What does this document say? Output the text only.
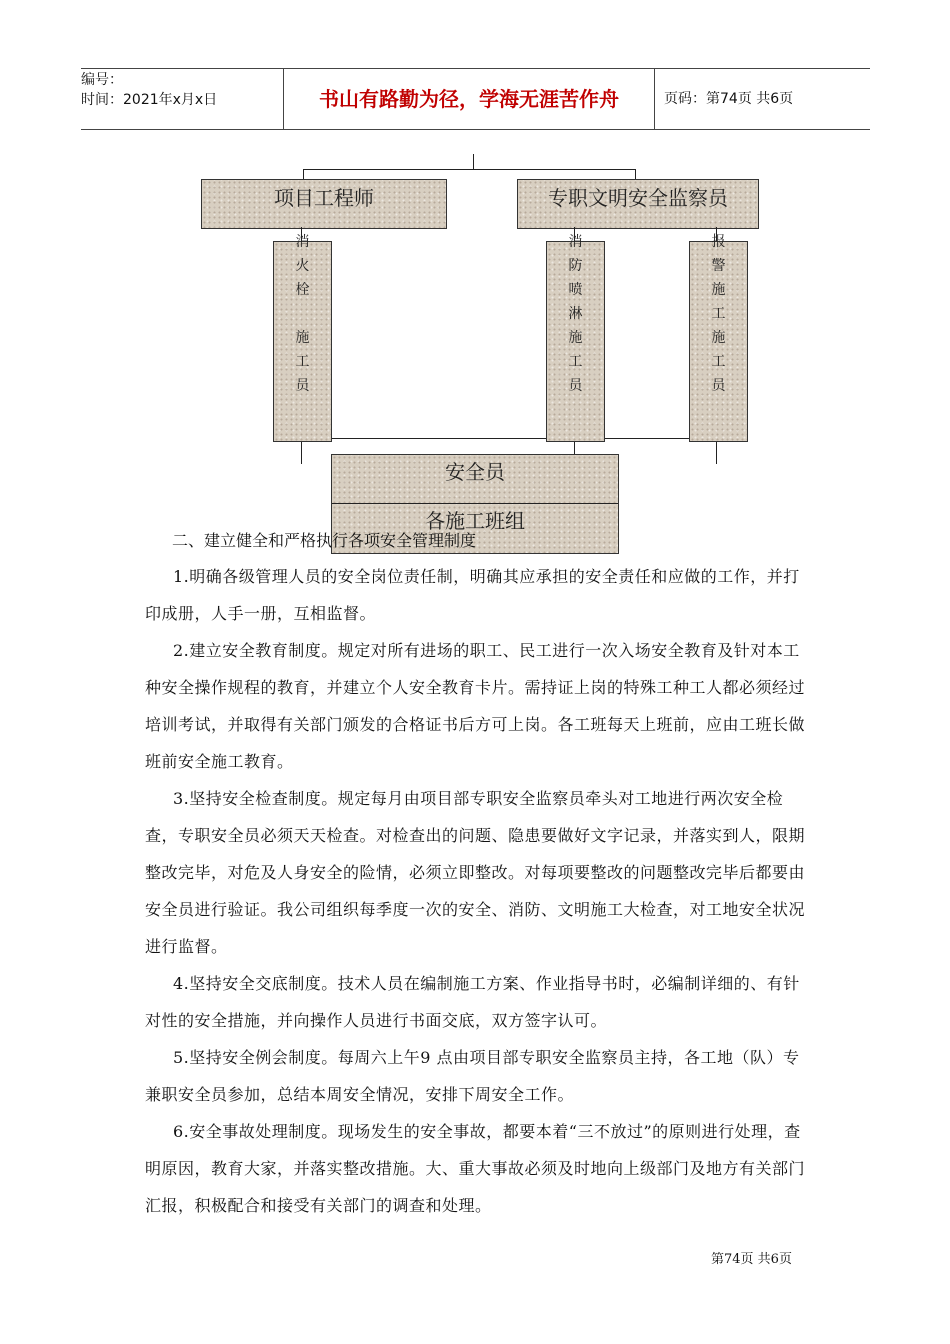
编号：
时间：2021年x月x日	书山有路勤为径，学海无涯苦作舟	页码：第74页 共6页
项目工程师	专职文明安全监察员
消
火
栓

施
工
员
消
防
喷
淋
施
工
员
报
警
施
工
施
工
员
安全员
各施工班组
二、建立健全和严格执行各项安全管理制度
1.明确各级管理人员的安全岗位责任制，明确其应承担的安全责任和应做的工作，并打印成册，人手一册，互相监督。
2.建立安全教育制度。规定对所有进场的职工、民工进行一次入场安全教育及针对本工种安全操作规程的教育，并建立个人安全教育卡片。需持证上岗的特殊工种工人都必须经过培训考试，并取得有关部门颁发的合格证书后方可上岗。各工班每天上班前，应由工班长做班前安全施工教育。
3.坚持安全检查制度。规定每月由项目部专职安全监察员牵头对工地进行两次安全检查，专职安全员必须天天检查。对检查出的问题、隐患要做好文字记录，并落实到人，限期整改完毕，对危及人身安全的险情，必须立即整改。对每项要整改的问题整改完毕后都要由安全员进行验证。我公司组织每季度一次的安全、消防、文明施工大检查，对工地安全状况进行监督。
4.坚持安全交底制度。技术人员在编制施工方案、作业指导书时，必编制详细的、有针对性的安全措施，并向操作人员进行书面交底，双方签字认可。
5.坚持安全例会制度。每周六上午9 点由项目部专职安全监察员主持，各工地（队）专兼职安全员参加，总结本周安全情况，安排下周安全工作。
6.安全事故处理制度。现场发生的安全事故，都要本着“三不放过”的原则进行处理，查明原因，教育大家，并落实整改措施。大、重大事故必须及时地向上级部门及地方有关部门汇报，积极配合和接受有关部门的调查和处理。
第74页 共6页
